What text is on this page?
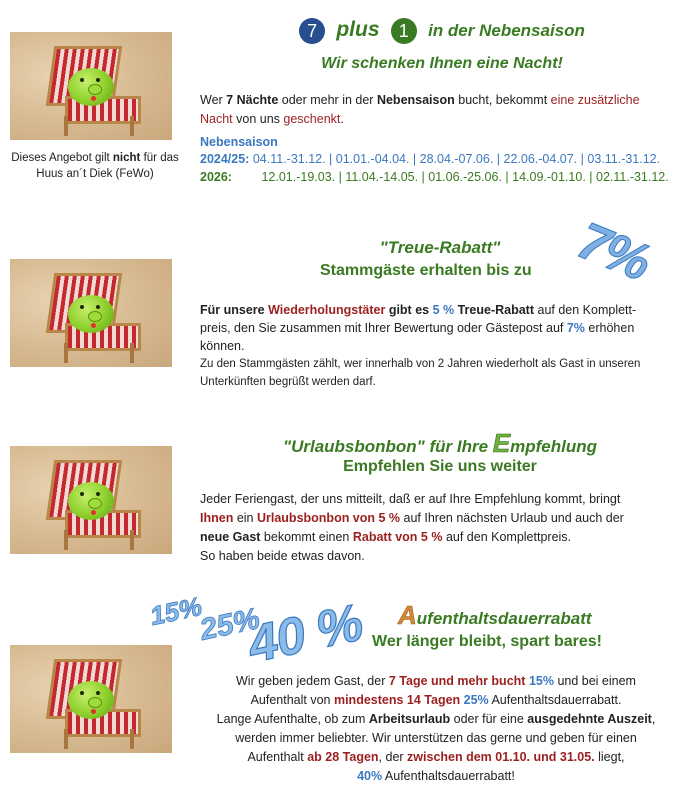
Dieses Angebot gilt nicht für das
Huus an´t Diek (FeWo)
7 plus 1 in der Nebensaison
Wir schenken Ihnen eine Nacht!
Wer 7 Nächte oder mehr in der Nebensaison bucht, bekommt eine zusätzliche Nacht von uns geschenkt.
Nebensaison
2024/25: 04.11.-31.12. | 01.01.-04.04. | 28.04.-07.06. | 22.06.-04.07. | 03.11.-31.12.
2026: 12.01.-19.03. | 11.04.-14.05. | 01.06.-25.06. | 14.09.-01.10. | 02.11.-31.12.
"Treue-Rabatt"
Stammgäste erhalten bis zu 7%
Für unsere Wiederholungstäter gibt es 5 % Treue-Rabatt auf den Komplett-
preis, den Sie zusammen mit Ihrer Bewertung oder Gästepost auf 7% erhöhen
können.
Zu den Stammgästen zählt, wer innerhalb von 2 Jahren wiederholt als Gast in unseren
Unterkünften begrüßt werden darf.
"Urlaubsbonbon" für Ihre Empfehlung
Empfehlen Sie uns weiter
Jeder Feriengast, der uns mitteilt, daß er auf Ihre Empfehlung kommt, bringt
Ihnen ein Urlaubsbonbon von 5 % auf Ihren nächsten Urlaub und auch der
neue Gast bekommt einen Rabatt von 5 % auf den Komplettpreis.
So haben beide etwas davon.
15%
25%
40 % Aufenthaltsdauerrabatt
Wer länger bleibt, spart bares!
Wir geben jedem Gast, der 7 Tage und mehr bucht 15% und bei einem
Aufenthalt von mindestens 14 Tagen 25% Aufenthaltsdauerrabatt.
Lange Aufenthalte, ob zum Arbeitsurlaub oder für eine ausgedehnte Auszeit,
werden immer beliebter. Wir unterstützen das gerne und geben für einen
Aufenthalt ab 28 Tagen, der zwischen dem 01.10. und 31.05. liegt,
40% Aufenthaltsdauerrabatt!
